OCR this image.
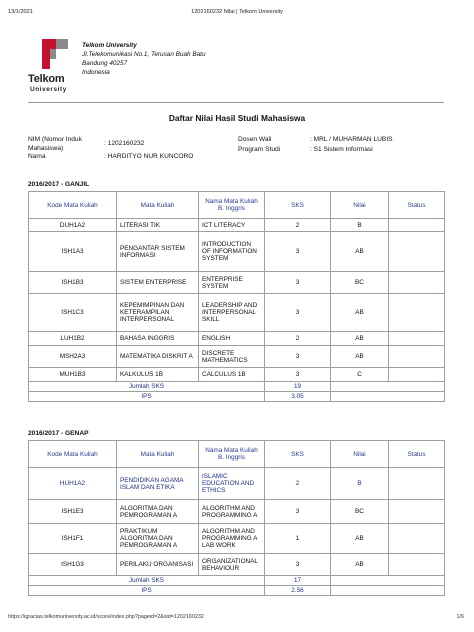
13/1/2021	1202160232 Nilai | Telkom University
Telkom
University
Telkom University
Jl.Telekomunikasi No.1, Terusan Buah Batu
Bandung 40257
Indonesia
Daftar Nilai Hasil Studi Mahasiswa
NIM (Nomor Induk
Mahasiswa)
: 1202160232
Nama	: HARDITYO NUR KUNCORO
Dosen Wali	: MRL / MUHARMAN LUBIS
Program Studi	: S1 Sistem Informasi
2016/2017 - GANJIL
Kode Mata Kuliah	Mata Kuliah	Nama Mata Kuliah B. Inggris	SKS	Nilai	Status
DUH1A2	LITERASI TIK	ICT LITERACY	2	B	
ISH1A3	PENGANTAR SISTEM INFORMASI	INTRODUCTION OF INFORMATION SYSTEM	3	AB	
ISH1B3	SISTEM ENTERPRISE	ENTERPRISE SYSTEM	3	BC	
ISH1C3	KEPEMIMPINAN DAN KETERAMPILAN INTERPERSONAL	LEADERSHIP AND INTERPERSONAL SKILL	3	AB	
LUH1B2	BAHASA INGGRIS	ENGLISH	2	AB	
MSH2A3	MATEMATIKA DISKRIT A	DISCRETE MATHEMATICS	3	AB	
MUH1B3	KALKULUS 1B	CALCULUS 1B	3	C	
Jumlah SKS			19		
IPS			3.05		
2016/2017 - GENAP
Kode Mata Kuliah	Mata Kuliah	Nama Mata Kuliah B. Inggris	SKS	Nilai	Status
HUH1A2	PENDIDIKAN AGAMA ISLAM DAN ETIKA	ISLAMIC EDUCATION AND ETHICS	2	B	
ISH1E3	ALGORITMA DAN PEMROGRAMAN A	ALGORITHM AND PROGRAMMING A	3	BC	
ISH1F1	PRAKTIKUM ALGORITMA DAN PEMROGRAMAN A	ALGORITHM AND PROGRAMMING A LAB WORK	1	AB	
ISH1G3	PERILAKU ORGANISASI	ORGANIZATIONAL BEHAVIOUR	3	AB	
Jumlah SKS			17		
IPS			2.56		
https://igracias.telkomuniversity.ac.id/score/index.php?pageid=2&sid=1202160232	1/6
